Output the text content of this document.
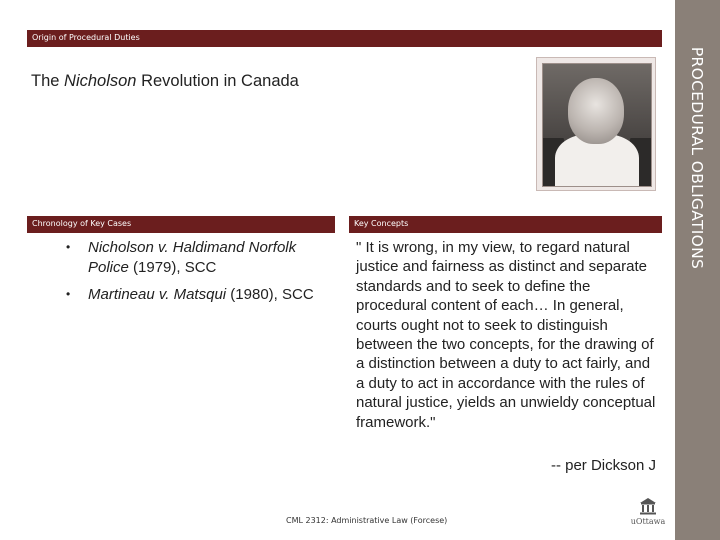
PROCEDURAL OBLIGATIONS
Origin of Procedural Duties
The Nicholson Revolution in Canada
Chronology of Key Cases	Key Concepts
• Nicholson v. Haldimand Norfolk Police (1979), SCC
• Martineau v. Matsqui (1980), SCC
" It is wrong, in my view, to regard natural justice and fairness as distinct and separate standards and to seek to define the procedural content of each… In general, courts ought not to seek to distinguish between the two concepts, for the drawing of a distinction between a duty to act fairly, and a duty to act in accordance with the rules of natural justice, yields an unwieldy conceptual framework."
-- per Dickson J
CML 2312: Administrative Law (Forcese)	uOttawa
